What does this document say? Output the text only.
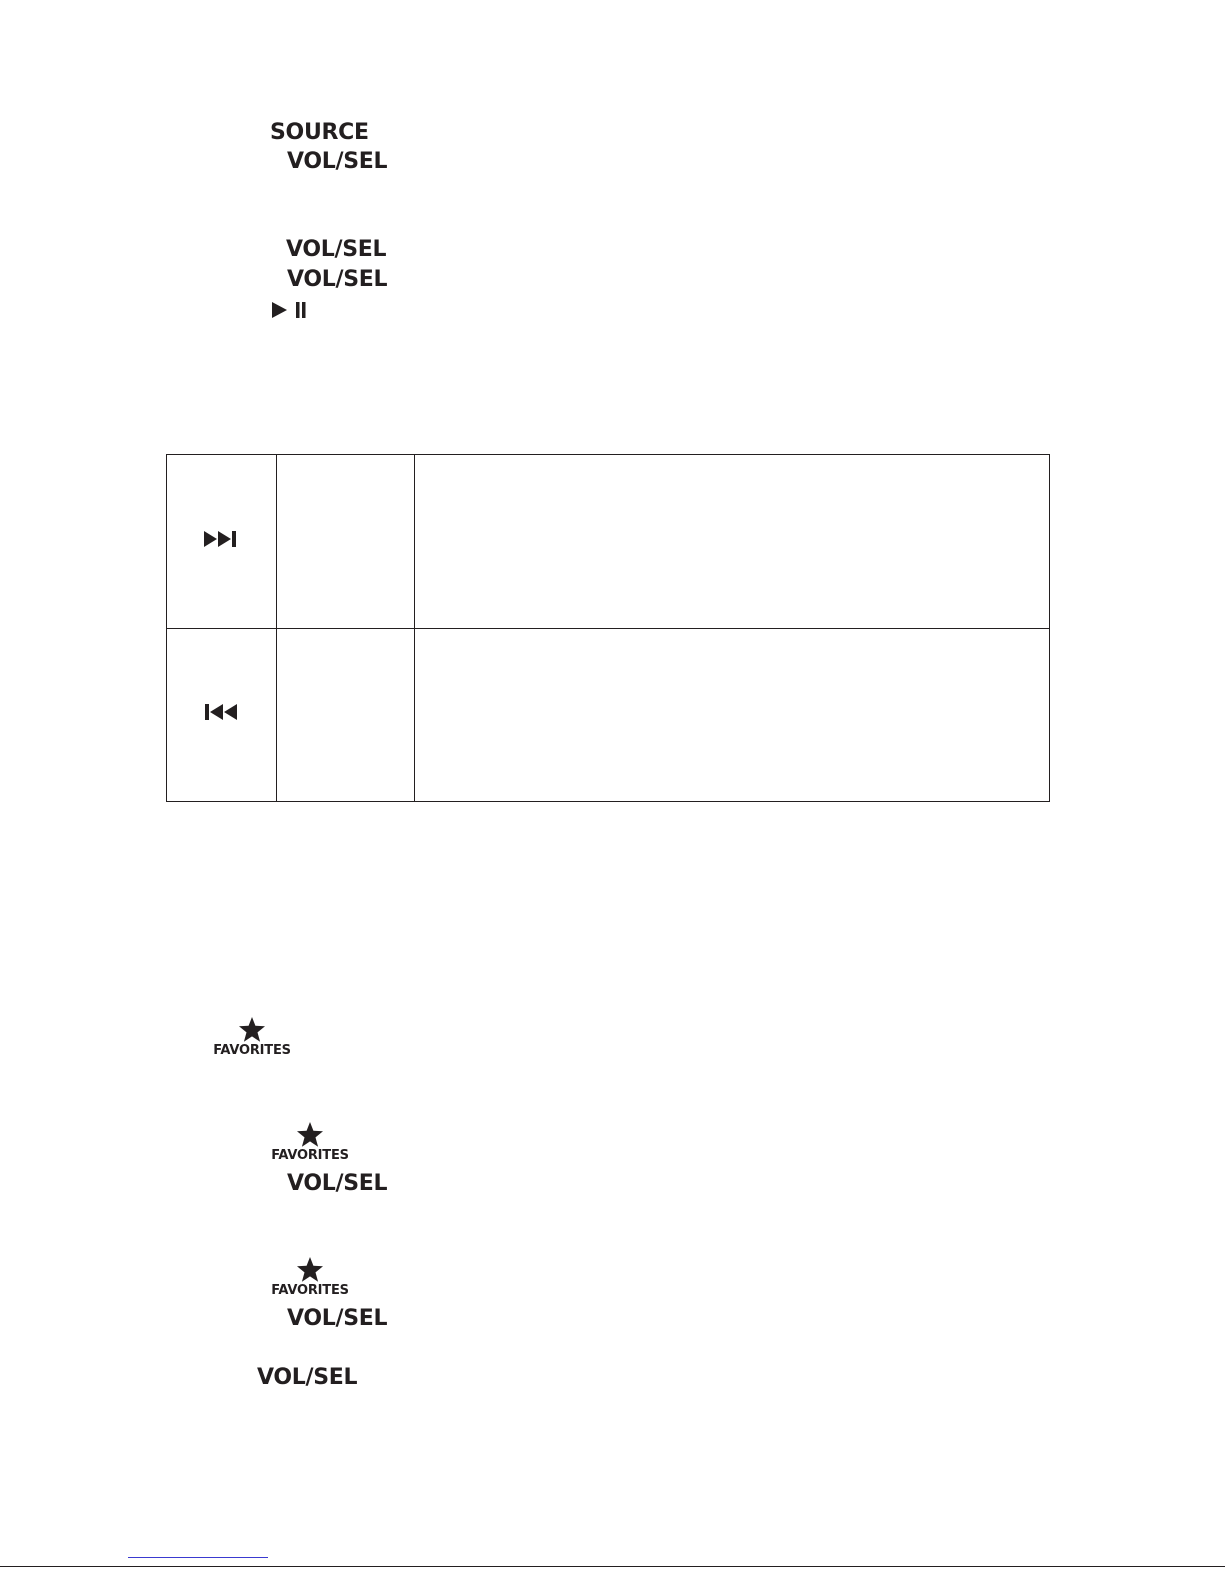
SOURCE
VOL/SEL
VOL/SEL
VOL/SEL

FAVORITES
FAVORITES
VOL/SEL
FAVORITES
VOL/SEL
VOL/SEL
